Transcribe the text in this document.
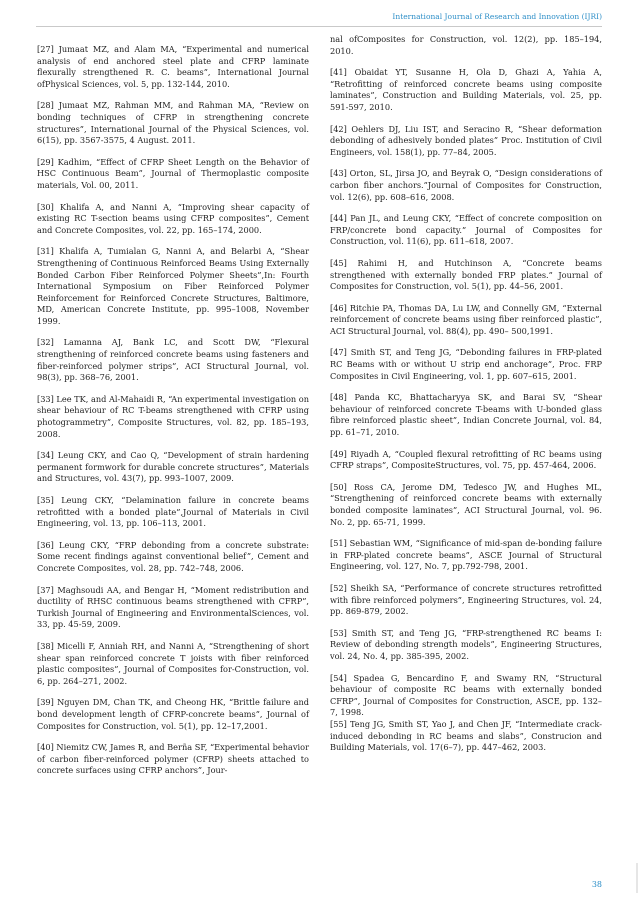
International Journal of Research and Innovation (IJRI)

[27] Jumaat MZ, and Alam MA, “Experimental and numerical analysis of end anchored steel plate and CFRP laminate flexurally strengthened R. C. beams”, International Journal ofPhysical Sciences, vol. 5, pp. 132-144, 2010.

[28] Jumaat MZ, Rahman MM, and Rahman MA, “Review on bonding techniques of CFRP in strengthening concrete structures”, International Journal of the Physical Sciences, vol. 6(15), pp. 3567-3575, 4 August. 2011.

[29] Kadhim, “Effect of CFRP Sheet Length on the Behavior of HSC Continuous Beam”, Journal of Thermoplastic composite materials, Vol. 00, 2011.

[30] Khalifa A, and Nanni A, “Improving shear capacity of existing RC T-section beams using CFRP composites”, Cement and Concrete Composites, vol. 22, pp. 165–174, 2000.

[31] Khalifa A, Tumialan G, Nanni A, and Belarbi A, “Shear Strengthening of Continuous Reinforced Beams Using Externally Bonded Carbon Fiber Reinforced Polymer Sheets”,In: Fourth International Symposium on Fiber Reinforced Polymer Reinforcement for Reinforced Concrete Structures, Baltimore, MD, American Concrete Institute, pp. 995–1008, November 1999.

[32] Lamanna AJ, Bank LC, and Scott DW, “Flexural strengthening of reinforced concrete beams using fasteners and fiber-reinforced polymer strips”, ACI Structural Journal, vol. 98(3), pp. 368–76, 2001.

[33] Lee TK, and Al-Mahaidi R, “An experimental investigation on shear behaviour of RC T-beams strengthened with CFRP using photogrammetry”, Composite Structures, vol. 82, pp. 185–193, 2008.

[34] Leung CKY, and Cao Q, “Development of strain hardening permanent formwork for durable concrete structures”, Materials and Structures, vol. 43(7), pp. 993–1007, 2009.

[35] Leung CKY, “Delamination failure in concrete beams retrofitted with a bonded plate”,Journal of Materials in Civil Engineering, vol. 13, pp. 106–113, 2001.

[36] Leung CKY, “FRP debonding from a concrete substrate: Some recent findings against conventional belief”, Cement and Concrete Composites, vol. 28, pp. 742–748, 2006.

[37] Maghsoudi AA, and Bengar H, “Moment redistribution and ductility of RHSC continuous beams strengthened with CFRP”, Turkish Journal of Engineering and EnvironmentalSciences, vol. 33, pp. 45-59, 2009.

[38] Micelli F, Anniah RH, and Nanni A, “Strengthening of short shear span reinforced concrete T joists with fiber reinforced plastic composites”, Journal of Composites for-Construction, vol. 6, pp. 264–271, 2002.

[39] Nguyen DM, Chan TK, and Cheong HK, “Brittle failure and bond development length of CFRP-concrete beams”, Journal of Composites for Construction, vol. 5(1), pp. 12–17,2001.

[40] Niemitz CW, James R, and Berña SF, “Experimental behavior of carbon fiber-reinforced polymer (CFRP) sheets attached to concrete surfaces using CFRP anchors”, Jour-

nal ofComposites for Construction, vol. 12(2), pp. 185–194, 2010.

[41] Obaidat YT, Susanne H, Ola D, Ghazi A, Yahia A, “Retrofitting of reinforced concrete beams using composite laminates”, Construction and Building Materials, vol. 25, pp. 591-597, 2010.

[42] Oehlers DJ, Liu IST, and Seracino R, “Shear deformation debonding of adhesively bonded plates” Proc. Institution of Civil Engineers, vol. 158(1), pp. 77–84, 2005.

[43] Orton, SL, Jirsa JO, and Beyrak O, “Design considerations of carbon fiber anchors.”Journal of Composites for Construction, vol. 12(6), pp. 608–616, 2008.

[44] Pan JL, and Leung CKY, “Effect of concrete composition on FRP/concrete bond capacity.” Journal of Composites for Construction, vol. 11(6), pp. 611–618, 2007.

[45] Rahimi H, and Hutchinson A, “Concrete beams strengthened with externally bonded FRP plates.” Journal of Composites for Construction, vol. 5(1), pp. 44–56, 2001.

[46] Ritchie PA, Thomas DA, Lu LW, and Connelly GM, “External reinforcement of concrete beams using fiber reinforced plastic”, ACI Structural Journal, vol. 88(4), pp. 490– 500,1991.

[47] Smith ST, and Teng JG, “Debonding failures in FRP-plated RC Beams with or without U strip end anchorage”, Proc. FRP Composites in Civil Engineering, vol. 1, pp. 607–615, 2001.

[48] Panda KC, Bhattacharyya SK, and Barai SV, “Shear behaviour of reinforced concrete T-beams with U-bonded glass fibre reinforced plastic sheet”, Indian Concrete Journal, vol. 84, pp. 61–71, 2010.

[49] Riyadh A, “Coupled flexural retrofitting of RC beams using CFRP straps”, CompositeStructures, vol. 75, pp. 457-464, 2006.

[50] Ross CA, Jerome DM, Tedesco JW, and Hughes ML, “Strengthening of reinforced concrete beams with externally bonded composite laminates”, ACI Structural Journal, vol. 96. No. 2, pp. 65-71, 1999.

[51] Sebastian WM, “Significance of mid-span de-bonding failure in FRP-plated concrete beams”, ASCE Journal of Structural Engineering, vol. 127, No. 7, pp.792-798, 2001.

[52] Sheikh SA, “Performance of concrete structures retrofitted with fibre reinforced polymers”, Engineering Structures, vol. 24, pp. 869-879, 2002.

[53] Smith ST, and Teng JG, “FRP-strengthened RC beams I: Review of debonding strength models”, Engineering Structures, vol. 24, No. 4, pp. 385-395, 2002.

[54] Spadea G, Bencardino F, and Swamy RN, “Structural behaviour of composite RC beams with externally bonded CFRP”, Journal of Composites for Construction, ASCE, pp. 132– 7, 1998.

[55] Teng JG, Smith ST, Yao J, and Chen JF, “Intermediate crack-induced debonding in RC beams and slabs”, Construcion and Building Materials, vol. 17(6–7), pp. 447–462, 2003.

38
